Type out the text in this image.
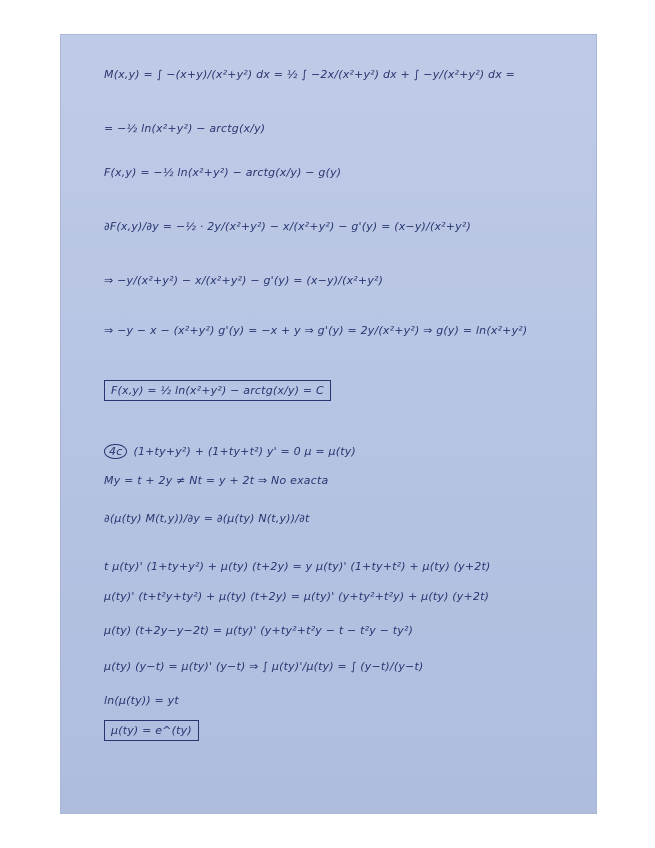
M(x,y) = ∫ −(x+y)/(x²+y²) dx = ½ ∫ −2x/(x²+y²) dx + ∫ −y/(x²+y²) dx =
= −½ ln(x²+y²) − arctg(x/y)
F(x,y) = −½ ln(x²+y²) − arctg(x/y) − g(y)
∂F(x,y)/∂y = −½ · 2y/(x²+y²) − x/(x²+y²) − g'(y) = (x−y)/(x²+y²)
⇒ −y/(x²+y²) − x/(x²+y²) − g'(y) = (x−y)/(x²+y²)
⇒ −y − x − (x²+y²) g'(y) = −x + y ⇒ g'(y) = 2y/(x²+y²) ⇒ g(y) = ln(x²+y²)
F(x,y) = ½ ln(x²+y²) − arctg(x/y) = C
4c (1+ty+y²) + (1+ty+t²) y' = 0 μ = μ(ty)
My = t + 2y ≠ Nt = y + 2t ⇒ No exacta
∂(μ(ty) M(t,y))/∂y = ∂(μ(ty) N(t,y))/∂t
t μ(ty)' (1+ty+y²) + μ(ty) (t+2y) = y μ(ty)' (1+ty+t²) + μ(ty) (y+2t)
μ(ty)' (t+t²y+ty²) + μ(ty) (t+2y) = μ(ty)' (y+ty²+t²y) + μ(ty) (y+2t)
μ(ty) (t+2y−y−2t) = μ(ty)' (y+ty²+t²y − t − t²y − ty²)
μ(ty) (y−t) = μ(ty)' (y−t) ⇒ ∫ μ(ty)'/μ(ty) = ∫ (y−t)/(y−t)
ln(μ(ty)) = yt
μ(ty) = e^(ty)
